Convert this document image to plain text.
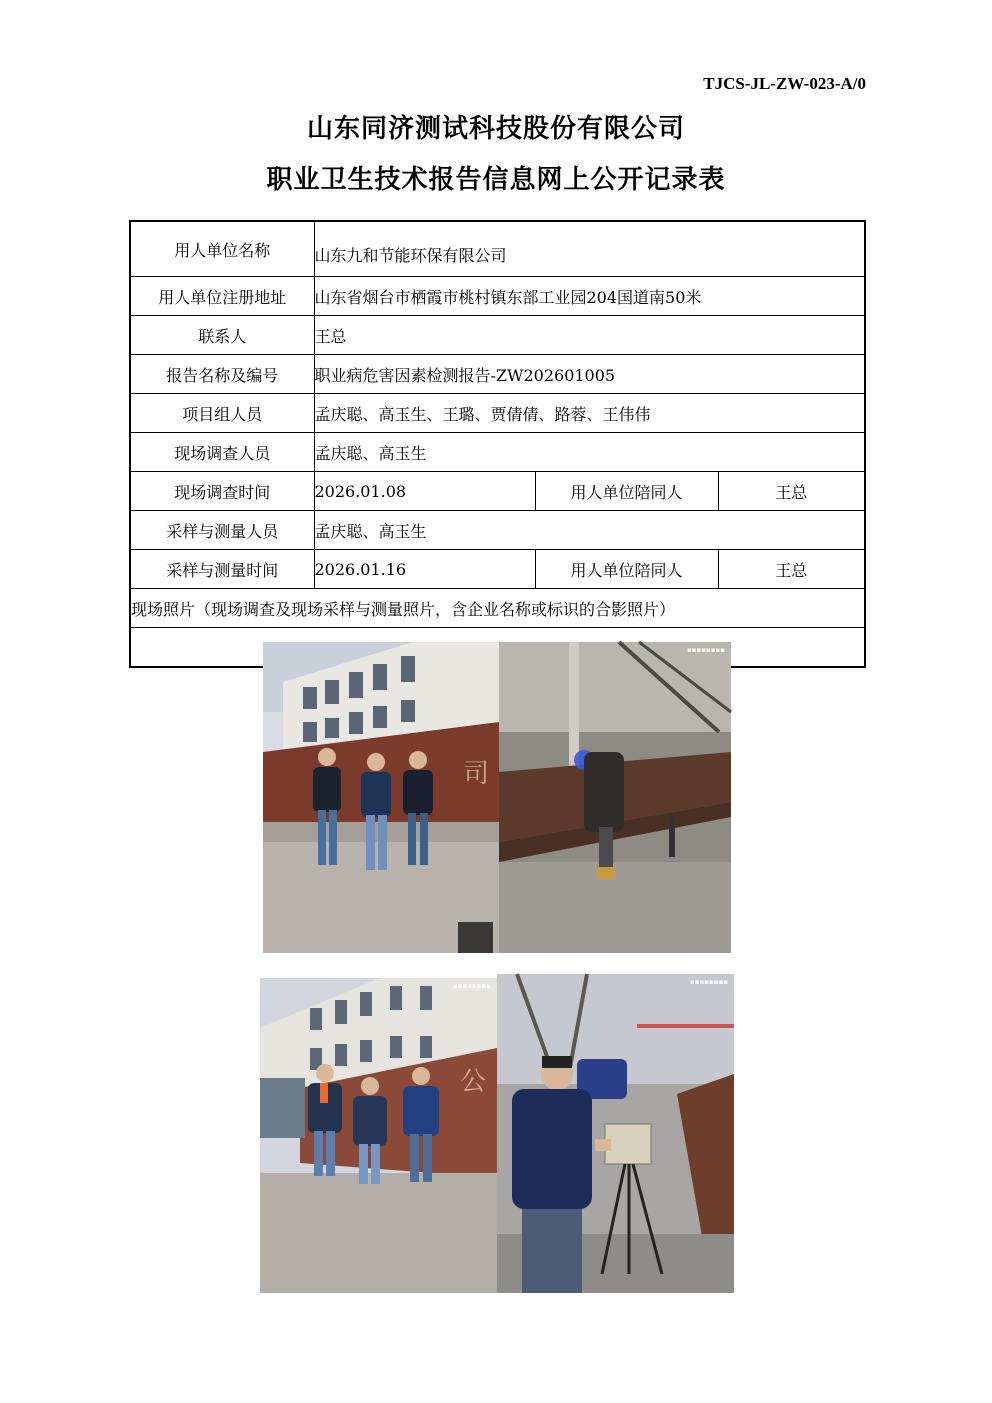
TJCS-JL-ZW-023-A/0
山东同济测试科技股份有限公司
职业卫生技术报告信息网上公开记录表
用人单位名称	山东九和节能环保有限公司		
用人单位注册地址	山东省烟台市栖霞市桃村镇东部工业园204国道南50米		
联系人	王总		
报告名称及编号	职业病危害因素检测报告-ZW202601005		
项目组人员	孟庆聪、高玉生、王璐、贾倩倩、路蓉、王伟伟		
现场调查人员	孟庆聪、高玉生		
现场调查时间	2026.01.08	用人单位陪同人	王总
采样与测量人员	孟庆聪、高玉生		
采样与测量时间	2026.01.16	用人单位陪同人	王总
现场照片（现场调查及现场采样与测量照片，含企业名称或标识的合影照片）			

司
▪▪▪▪▪▪▪▪
公
▪▪▪▪▪▪▪▪ ▪▪▪▪▪▪▪▪			
